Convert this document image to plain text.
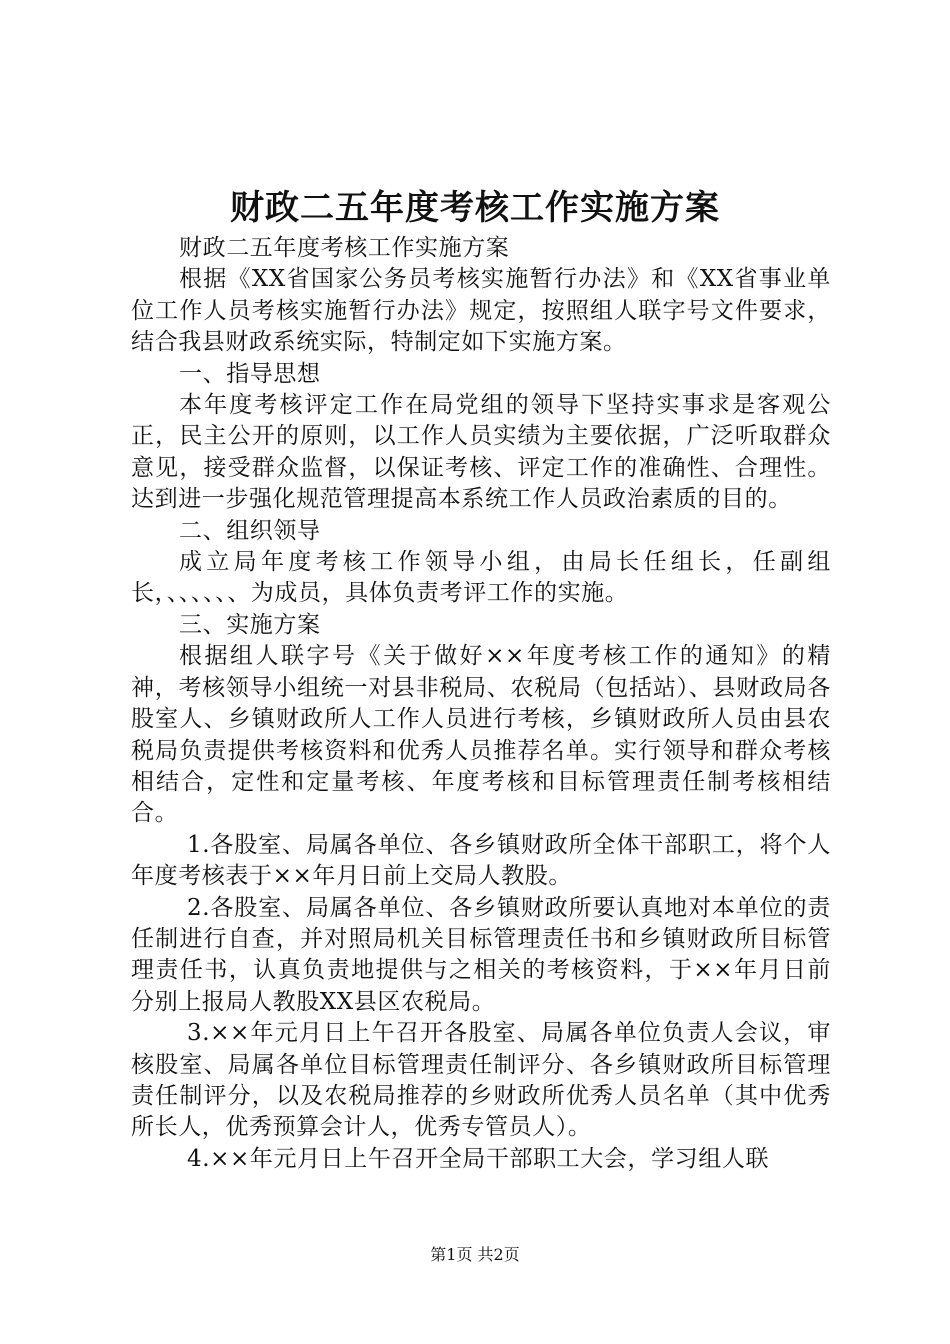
财政二五年度考核工作实施方案

财政二五年度考核工作实施方案

根据《XX省国家公务员考核实施暂行办法》和《XX省事业单位工作人员考核实施暂行办法》规定，按照组人联字号文件要求，结合我县财政系统实际，特制定如下实施方案。

一、指导思想

本年度考核评定工作在局党组的领导下坚持实事求是客观公正，民主公开的原则，以工作人员实绩为主要依据，广泛听取群众意见，接受群众监督，以保证考核、评定工作的准确性、合理性。达到进一步强化规范管理提高本系统工作人员政治素质的目的。

二、组织领导

成立局年度考核工作领导小组，由局长任组长，任副组长，、、、、、、为成员，具体负责考评工作的实施。

三、实施方案

根据组人联字号《关于做好××年度考核工作的通知》的精神，考核领导小组统一对县非税局、农税局（包括站）、县财政局各股室人、乡镇财政所人工作人员进行考核，乡镇财政所人员由县农税局负责提供考核资料和优秀人员推荐名单。实行领导和群众考核相结合，定性和定量考核、年度考核和目标管理责任制考核相结合。

1.各股室、局属各单位、各乡镇财政所全体干部职工，将个人年度考核表于××年月日前上交局人教股。

2.各股室、局属各单位、各乡镇财政所要认真地对本单位的责任制进行自查，并对照局机关目标管理责任书和乡镇财政所目标管理责任书，认真负责地提供与之相关的考核资料，于××年月日前分别上报局人教股XX县区农税局。

3.××年元月日上午召开各股室、局属各单位负责人会议，审核股室、局属各单位目标管理责任制评分、各乡镇财政所目标管理责任制评分，以及农税局推荐的乡财政所优秀人员名单（其中优秀所长人，优秀预算会计人，优秀专管员人）。

4.××年元月日上午召开全局干部职工大会，学习组人联

第1页 共2页
